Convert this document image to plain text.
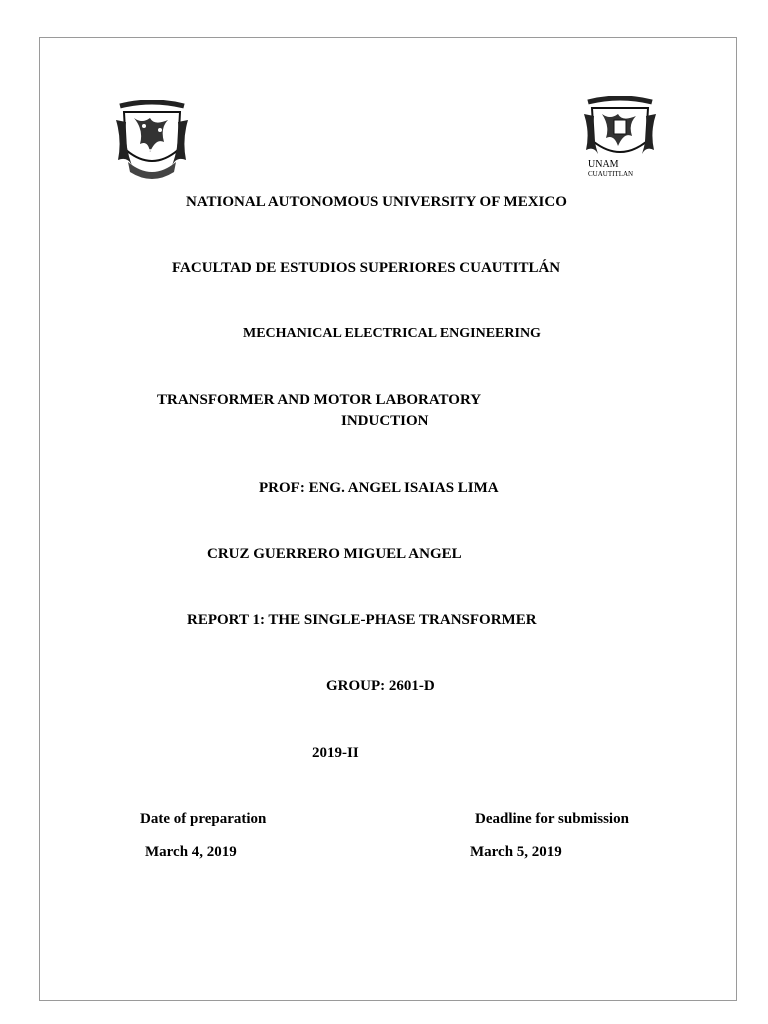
UNAM
CUAUTITLAN
NATIONAL AUTONOMOUS UNIVERSITY OF MEXICO
FACULTAD DE ESTUDIOS SUPERIORES CUAUTITLÁN
MECHANICAL ELECTRICAL ENGINEERING
TRANSFORMER AND MOTOR LABORATORY
INDUCTION
PROF: ENG. ANGEL ISAIAS LIMA
CRUZ GUERRERO MIGUEL ANGEL
REPORT 1: THE SINGLE-PHASE TRANSFORMER
GROUP: 2601-D
2019-II
Date of preparation	Deadline for submission
March 4, 2019	March 5, 2019
